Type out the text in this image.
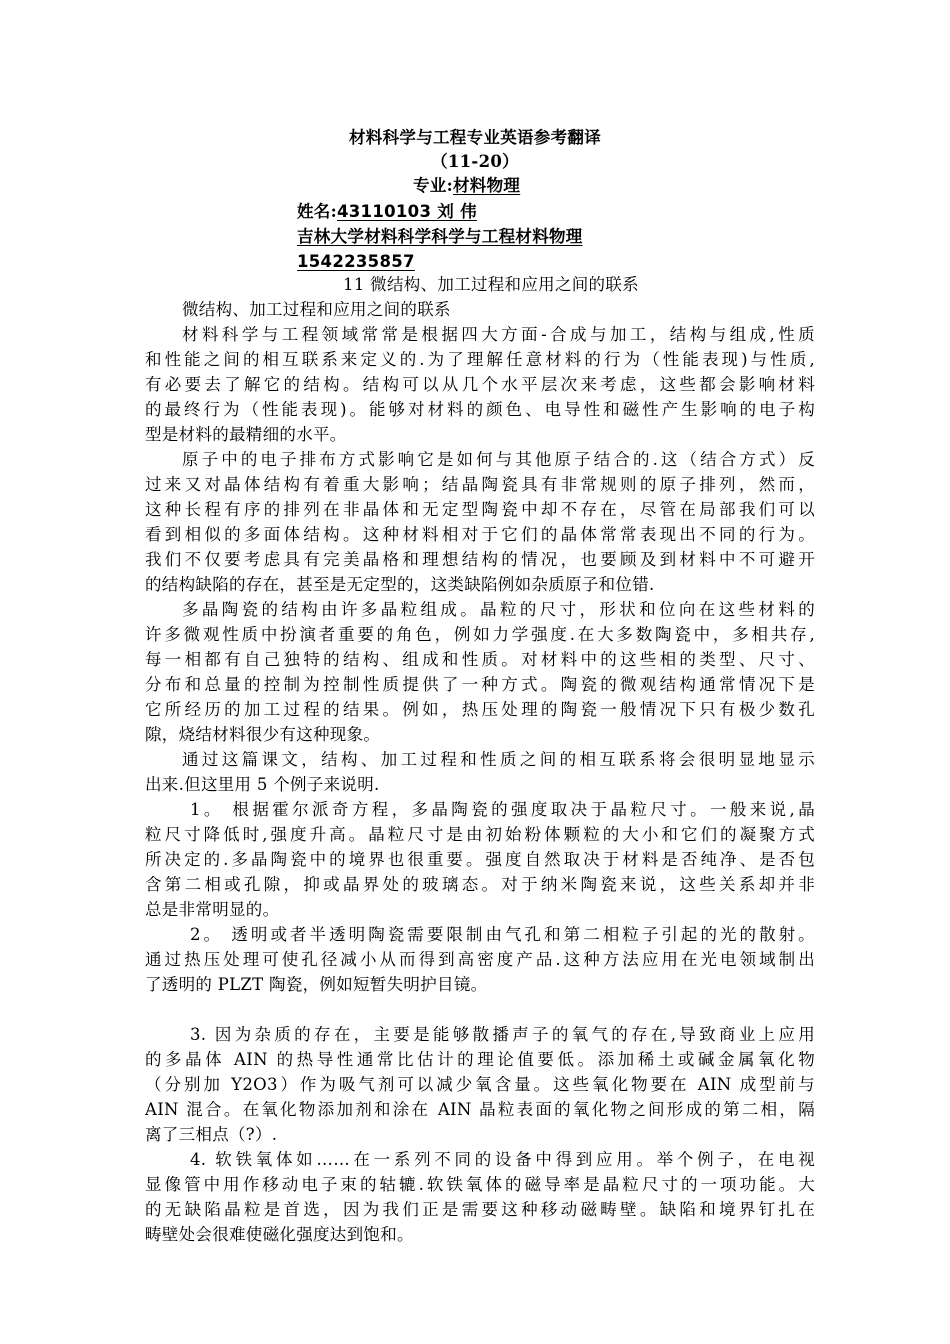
材料科学与工程专业英语参考翻译
（11-20）
专业:材料物理
姓名:43110103 刘 伟
吉林大学材料科学科学与工程材料物理
1542235857
11 微结构、加工过程和应用之间的联系
微结构、加工过程和应用之间的联系
材料科学与工程领域常常是根据四大方面-合成与加工，结构与组成,性质
和性能之间的相互联系来定义的.为了理解任意材料的行为（性能表现)与性质,
有必要去了解它的结构。结构可以从几个水平层次来考虑，这些都会影响材料
的最终行为（性能表现)。能够对材料的颜色、电导性和磁性产生影响的电子构
型是材料的最精细的水平。
原子中的电子排布方式影响它是如何与其他原子结合的.这（结合方式）反
过来又对晶体结构有着重大影响；结晶陶瓷具有非常规则的原子排列，然而，
这种长程有序的排列在非晶体和无定型陶瓷中却不存在，尽管在局部我们可以
看到相似的多面体结构。这种材料相对于它们的晶体常常表现出不同的行为。
我们不仅要考虑具有完美晶格和理想结构的情况，也要顾及到材料中不可避开
的结构缺陷的存在，甚至是无定型的，这类缺陷例如杂质原子和位错.
多晶陶瓷的结构由许多晶粒组成。晶粒的尺寸，形状和位向在这些材料的
许多微观性质中扮演者重要的角色，例如力学强度.在大多数陶瓷中，多相共存,
每一相都有自己独特的结构、组成和性质。对材料中的这些相的类型、尺寸、
分布和总量的控制为控制性质提供了一种方式。陶瓷的微观结构通常情况下是
它所经历的加工过程的结果。例如，热压处理的陶瓷一般情况下只有极少数孔
隙，烧结材料很少有这种现象。
通过这篇课文，结构、加工过程和性质之间的相互联系将会很明显地显示
出来.但这里用 5 个例子来说明.
1。 根据霍尔派奇方程，多晶陶瓷的强度取决于晶粒尺寸。一般来说,晶
粒尺寸降低时,强度升高。晶粒尺寸是由初始粉体颗粒的大小和它们的凝聚方式
所决定的.多晶陶瓷中的境界也很重要。强度自然取决于材料是否纯净、是否包
含第二相或孔隙，抑或晶界处的玻璃态。对于纳米陶瓷来说，这些关系却并非
总是非常明显的。
2。 透明或者半透明陶瓷需要限制由气孔和第二相粒子引起的光的散射。
通过热压处理可使孔径减小从而得到高密度产品.这种方法应用在光电领域制出
了透明的 PLZT 陶瓷，例如短暂失明护目镜。
3. 因为杂质的存在，主要是能够散播声子的氧气的存在,导致商业上应用
的多晶体 AIN 的热导性通常比估计的理论值要低。添加稀土或碱金属氧化物
（分别加 Y2O3）作为吸气剂可以减少氧含量。这些氧化物要在 AIN 成型前与
AIN 混合。在氧化物添加剂和涂在 AIN 晶粒表面的氧化物之间形成的第二相，隔
离了三相点（?）.
4. 软铁氧体如……在一系列不同的设备中得到应用。举个例子，在电视
显像管中用作移动电子束的轱辘.软铁氧体的磁导率是晶粒尺寸的一项功能。大
的无缺陷晶粒是首选，因为我们正是需要这种移动磁畴壁。缺陷和境界钉扎在
畴壁处会很难使磁化强度达到饱和。
